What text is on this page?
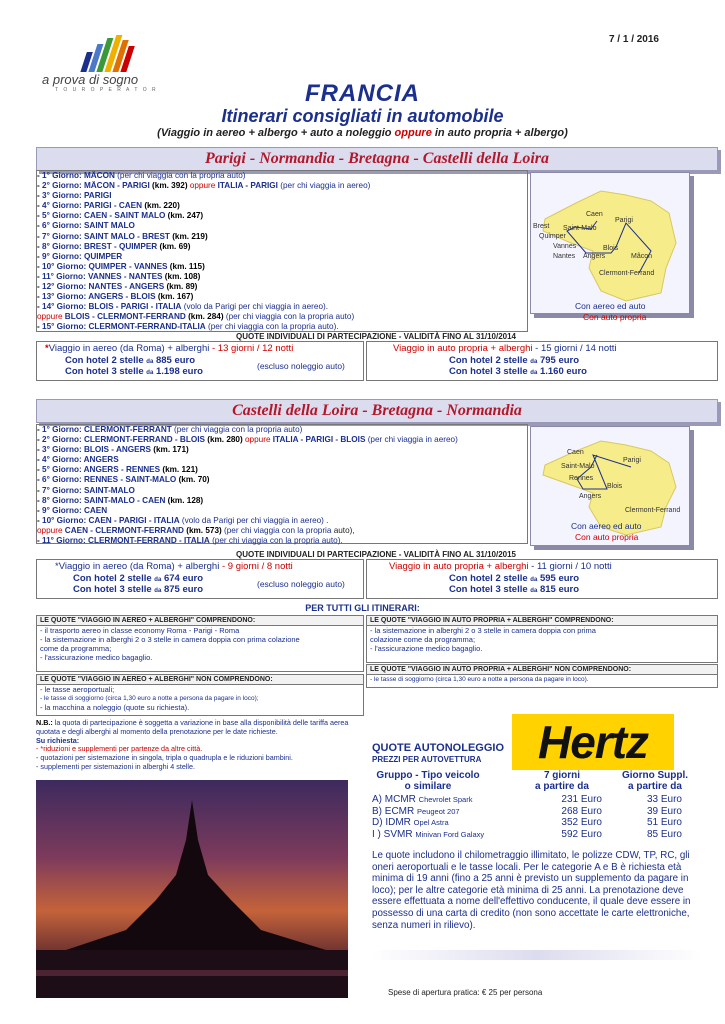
7 / 1 / 2016
a prova di sogno
T O U R O P E R A T O R	FRANCIA
Itinerari consigliati in automobile
(Viaggio in aereo + albergo + auto a noleggio oppure in auto propria + albergo)
Parigi - Normandia - Bretagna - Castelli della Loira
- 1° Giorno: MÂCON (per chi viaggia con la propria auto)
- 2° Giorno: MÂCON - PARIGI (km. 392) oppure ITALIA - PARIGI (per chi viaggia in aereo)
- 3° Giorno: PARIGI
- 4° Giorno: PARIGI - CAEN (km. 220)
- 5° Giorno: CAEN - SAINT MALO (km. 247)
- 6° Giorno: SAINT MALO
- 7° Giorno: SAINT MALO - BREST (km. 219)
- 8° Giorno: BREST - QUIMPER (km. 69)
- 9° Giorno: QUIMPER
- 10° Giorno: QUIMPER - VANNES (km. 115)
- 11° Giorno: VANNES - NANTES (km. 108)
- 12° Giorno: NANTES - ANGERS (km. 89)
- 13° Giorno: ANGERS - BLOIS (km. 167)
- 14° Giorno: BLOIS - PARIGI - ITALIA (volo da Parigi per chi viaggia in aereo).
oppure BLOIS - CLERMONT-FERRAND (km. 284) (per chi viaggia con la propria auto)
- 15° Giorno: CLERMONT-FERRAND-ITALIA (per chi viaggia con la propria auto).
Caen
Parigi
Brest Saint-Malo
Quimper
Vannes
Nantes Angers
Blois
Mâcon
Clermont-Ferrand
Con aereo ed auto
Con auto propria
QUOTE INDIVIDUALI DI PARTECIPAZIONE - VALIDITÀ FINO AL 31/10/2014
*Viaggio in aereo (da Roma) + alberghi - 13 giorni / 12 notti
Con hotel 2 stelle da 885 euro
Con hotel 3 stelle da 1.198 euro	(escluso noleggio auto)
Viaggio in auto propria + alberghi - 15 giorni / 14 notti
Con hotel 2 stelle da 795 euro
Con hotel 3 stelle da 1.160 euro
Castelli della Loira - Bretagna - Normandia
- 1° Giorno: CLERMONT-FERRANT (per chi viaggia con la propria auto)
- 2° Giorno: CLERMONT-FERRAND - BLOIS (km. 280) oppure ITALIA - PARIGI - BLOIS (per chi viaggia in aereo)
- 3° Giorno: BLOIS - ANGERS (km. 171)
- 4° Giorno: ANGERS
- 5° Giorno: ANGERS - RENNES (km. 121)
- 6° Giorno: RENNES - SAINT-MALO (km. 70)
- 7° Giorno: SAINT-MALO
- 8° Giorno: SAINT-MALO - CAEN (km. 128)
- 9° Giorno: CAEN
- 10° Giorno: CAEN - PARIGI - ITALIA (volo da Parigi per chi viaggia in aereo) .
oppure CAEN - CLERMONT-FERRAND (km. 573) (per chi viaggia con la propria auto),
- 11° Giorno: CLERMONT-FERRAND - ITALIA (per chi viaggia con la propria auto).
Caen
Parigi
Saint-Malo
Rennes
Blois
Angers
Clermont-Ferrand
Con aereo ed auto
Con auto propria
QUOTE INDIVIDUALI DI PARTECIPAZIONE - VALIDITÀ FINO AL 31/10/2015
*Viaggio in aereo (da Roma) + alberghi - 9 giorni / 8 notti
Con hotel 2 stelle da 674 euro
Con hotel 3 stelle da 875 euro	(escluso noleggio auto)
Viaggio in auto propria + alberghi - 11 giorni / 10 notti
Con hotel 2 stelle da 595 euro
Con hotel 3 stelle da 815 euro
PER TUTTI GLI ITINERARI:
LE QUOTE "VIAGGIO IN AEREO + ALBERGHI" COMPRENDONO:
- il trasporto aereo in classe economy Roma - Parigi - Roma
- la sistemazione in alberghi 2 o 3 stelle in camera doppia con prima colazione
come da programma;
- l'assicurazione medico bagaglio.
LE QUOTE "VIAGGIO IN AUTO PROPRIA + ALBERGHI" COMPRENDONO:
- la sistemazione in alberghi 2 o 3 stelle in camera doppia con prima
colazione come da programma;
- l'assicurazione medico bagaglio.
LE QUOTE "VIAGGIO IN AUTO PROPRIA + ALBERGHI" NON COMPRENDONO:
- le tasse di soggiorno (circa 1,30 euro a notte a persona da pagare in loco).
LE QUOTE "VIAGGIO IN AEREO + ALBERGHI" NON COMPRENDONO:
- le tasse aeroportuali;
- le tasse di soggiorno (circa 1,30 euro a notte a persona da pagare in loco);
- la macchina a noleggio (quote su richiesta).
N.B.: la quota di partecipazione è soggetta a variazione in base alla disponibilità delle tariffa aerea quotata e degli alberghi al momento della prenotazione per le date richieste.
Su richiesta:
- *riduzioni e supplementi per partenze da altre città.
- quotazioni per sistemazione in singola, tripla o quadrupla e le riduzioni bambini.
- supplementi per sistemazioni in alberghi 4 stelle.	Hertz
QUOTE AUTONOLEGGIO
PREZZI PER AUTOVETTURA
Gruppo - Tipo veicolo o similare
7 giorni
a partire da
Giorno Suppl.
a partire da
A) MCMR Chevrolet Spark	231 Euro	33 Euro
B) ECMR Peugeot 207	268 Euro	39 Euro
D) IDMR Opel Astra	352 Euro	51 Euro
I ) SVMR Minivan Ford Galaxy	592 Euro	85 Euro
Le quote includono il chilometraggio illimitato, le polizze CDW, TP, RC, gli oneri aeroportuali e le tasse locali. Per le categorie A e B è richiesta età minima di 19 anni (fino a 25 anni è previsto un supplemento da pagare in loco); per le altre categorie età minima di 25 anni. La prenotazione deve essere effettuata a nome dell'effettivo conducente, il quale deve essere in possesso di una carta di credito (non sono accettate le carte elettroniche, senza numeri in rilievo).
Spese di apertura pratica: € 25 per persona
